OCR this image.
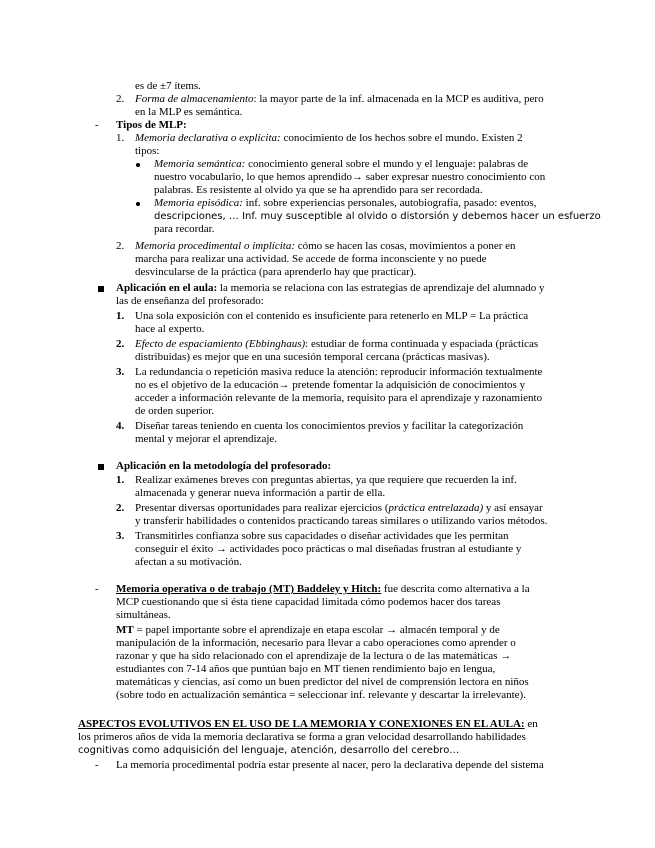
es de ±7 ítems.
2. Forma de almacenamiento: la mayor parte de la inf. almacenada en la MCP es auditiva, pero
en la MLP es semántica.
- Tipos de MLP:
1. Memoria declarativa o explícita: conocimiento de los hechos sobre el mundo. Existen 2
tipos:
Memoria semántica: conocimiento general sobre el mundo y el lenguaje: palabras de
nuestro vocabulario, lo que hemos aprendido→ saber expresar nuestro conocimiento con
palabras. Es resistente al olvido ya que se ha aprendido para ser recordada.
Memoria episódica: inf. sobre experiencias personales, autobiografía, pasado: eventos,
descripciones, … Inf. muy susceptible al olvido o distorsión y debemos hacer un esfuerzo
para recordar.
2. Memoria procedimental o implícita: cómo se hacen las cosas, movimientos a poner en
marcha para realizar una actividad. Se accede de forma inconsciente y no puede
desvincularse de la práctica (para aprenderlo hay que practicar).
Aplicación en el aula: la memoria se relaciona con las estrategias de aprendizaje del alumnado y
las de enseñanza del profesorado:
1. Una sola exposición con el contenido es insuficiente para retenerlo en MLP = La práctica
hace al experto.
2. Efecto de espaciamiento (Ebbinghaus): estudiar de forma continuada y espaciada (prácticas
distribuidas) es mejor que en una sucesión temporal cercana (prácticas masivas).
3. La redundancia o repetición masiva reduce la atención: reproducir información textualmente
no es el objetivo de la educación→ pretende fomentar la adquisición de conocimientos y
acceder a información relevante de la memoria, requisito para el aprendizaje y razonamiento
de orden superior.
4. Diseñar tareas teniendo en cuenta los conocimientos previos y facilitar la categorización
mental y mejorar el aprendizaje.
Aplicación en la metodología del profesorado:
1. Realizar exámenes breves con preguntas abiertas, ya que requiere que recuerden la inf.
almacenada y generar nueva información a partir de ella.
2. Presentar diversas oportunidades para realizar ejercicios (práctica entrelazada) y así ensayar
y transferir habilidades o contenidos practicando tareas similares o utilizando varios métodos.
3. Transmitirles confianza sobre sus capacidades o diseñar actividades que les permitan
conseguir el éxito → actividades poco prácticas o mal diseñadas frustran al estudiante y
afectan a su motivación.
- Memoria operativa o de trabajo (MT) Baddeley y Hitch: fue descrita como alternativa a la
MCP cuestionando que si ésta tiene capacidad limitada cómo podemos hacer dos tareas
simultáneas.
MT = papel importante sobre el aprendizaje en etapa escolar → almacén temporal y de
manipulación de la información, necesario para llevar a cabo operaciones como aprender o
razonar y que ha sido relacionado con el aprendizaje de la lectura o de las matemáticas →
estudiantes con 7-14 años que puntúan bajo en MT tienen rendimiento bajo en lengua,
matemáticas y ciencias, así como un buen predictor del nivel de comprensión lectora en niños
(sobre todo en actualización semántica = seleccionar inf. relevante y descartar la irrelevante).
ASPECTOS EVOLUTIVOS EN EL USO DE LA MEMORIA Y CONEXIONES EN EL AULA: en
los primeros años de vida la memoria declarativa se forma a gran velocidad desarrollando habilidades
cognitivas como adquisición del lenguaje, atención, desarrollo del cerebro…
- La memoria procedimental podría estar presente al nacer, pero la declarativa depende del sistema
